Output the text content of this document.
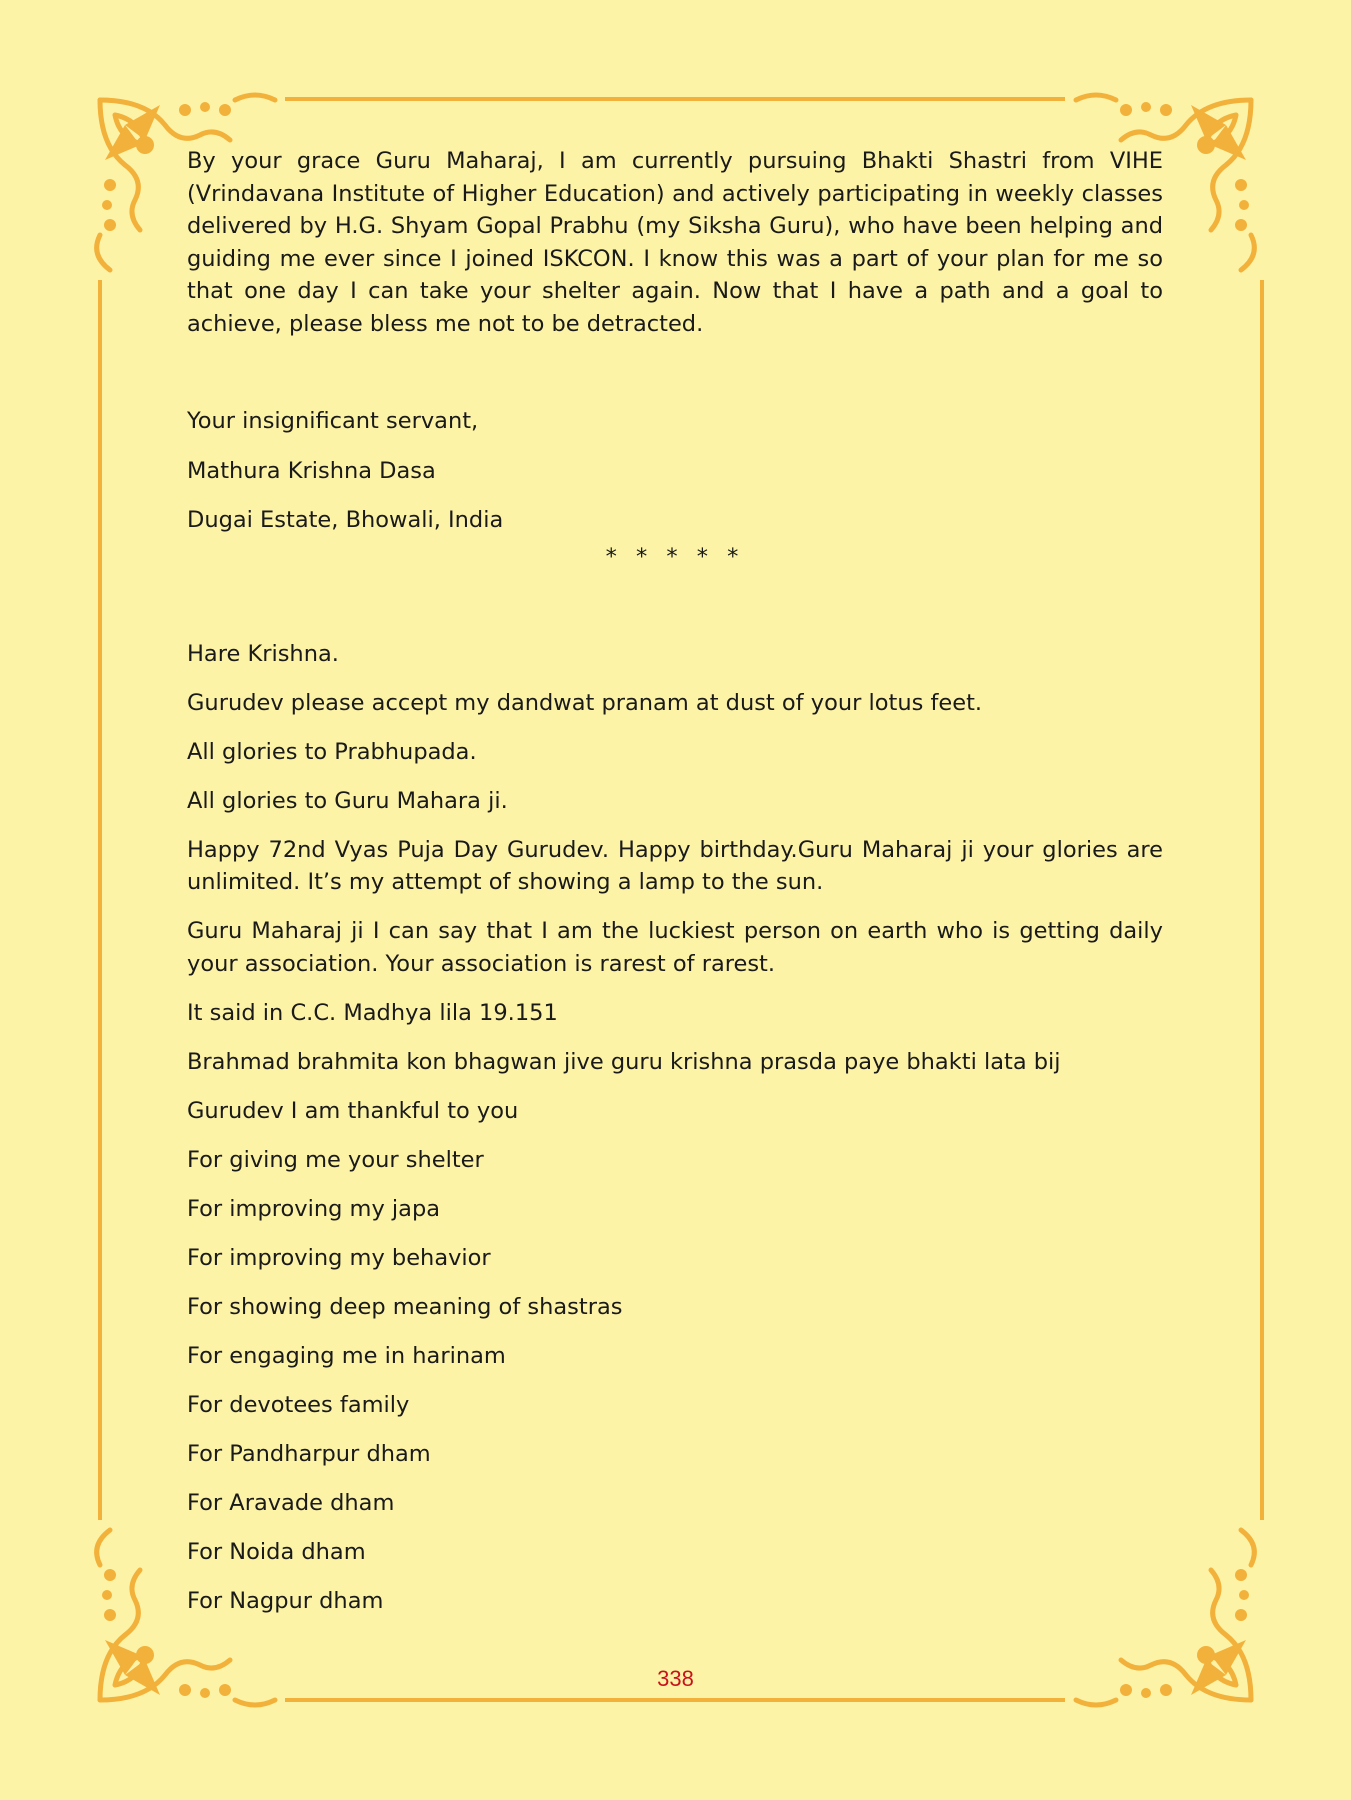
By your grace Guru Maharaj, I am currently pursuing Bhakti Shastri from VIHE (Vrindavana Institute of Higher Education) and actively participating in weekly classes delivered by H.G. Shyam Gopal Prabhu (my Siksha Guru), who have been helping and guiding me ever since I joined ISKCON. I know this was a part of your plan for me so that one day I can take your shelter again. Now that I have a path and a goal to achieve, please bless me not to be detracted.

Your insignificant servant,

Mathura Krishna Dasa

Dugai Estate, Bhowali, India

* * * * *

Hare Krishna.

Gurudev please accept my dandwat pranam at dust of your lotus feet.

All glories to Prabhupada.

All glories to Guru Mahara ji.

Happy 72nd Vyas Puja Day Gurudev. Happy birthday.Guru Maharaj ji your glories are unlimited. It’s my attempt of showing a lamp to the sun.

Guru Maharaj ji I can say that I am the luckiest person on earth who is getting daily your association. Your association is rarest of rarest.

It said in C.C. Madhya lila 19.151

Brahmad brahmita kon bhagwan jive guru krishna prasda paye bhakti lata bij

Gurudev I am thankful to you

For giving me your shelter

For improving my japa

For improving my behavior

For showing deep meaning of shastras

For engaging me in harinam

For devotees family

For Pandharpur dham

For Aravade dham

For Noida dham

For Nagpur dham

338
